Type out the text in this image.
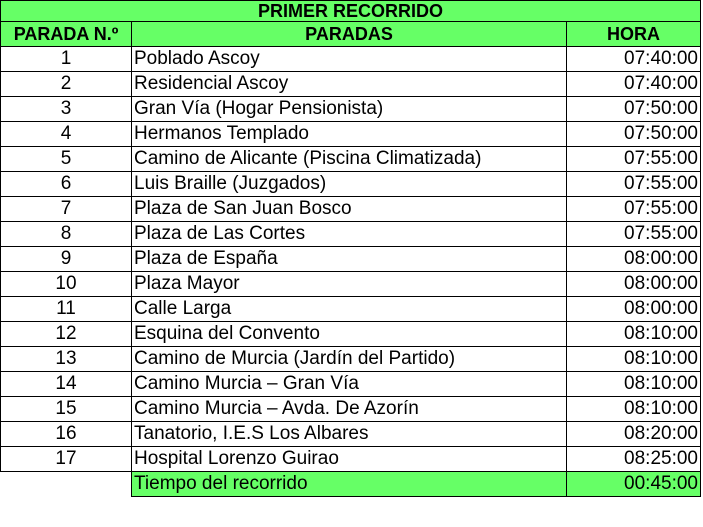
PRIMER RECORRIDO		
PARADA N.º	PARADAS	HORA
1	Poblado Ascoy	07:40:00
2	Residencial Ascoy	07:40:00
3	Gran Vía (Hogar Pensionista)	07:50:00
4	Hermanos Templado	07:50:00
5	Camino de Alicante (Piscina Climatizada)	07:55:00
6	Luis Braille (Juzgados)	07:55:00
7	Plaza de San Juan Bosco	07:55:00
8	Plaza de Las Cortes	07:55:00
9	Plaza de España	08:00:00
10	Plaza Mayor	08:00:00
11	Calle Larga	08:00:00
12	Esquina del Convento	08:10:00
13	Camino de Murcia (Jardín del Partido)	08:10:00
14	Camino Murcia – Gran Vía	08:10:00
15	Camino Murcia – Avda. De Azorín	08:10:00
16	Tanatorio, I.E.S Los Albares	08:20:00
17	Hospital Lorenzo Guirao	08:25:00
	Tiempo del recorrido	00:45:00
